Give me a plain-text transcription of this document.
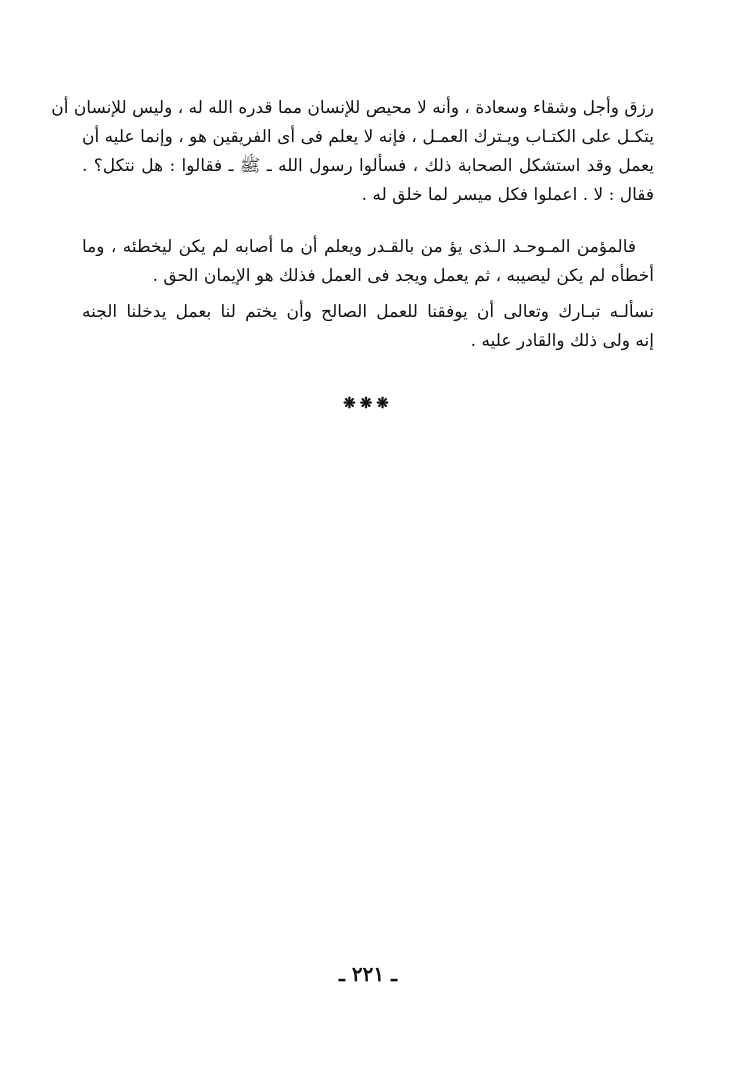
رزق وأجل وشقاء وسعادة ، وأنه لا محيص للإنسان مما قدره الله له ، وليس للإنسان أن
يتكـل على الكتـاب ويـترك العمـل ، فإنه لا يعلم فى أى الفريقين هو ، وإنما عليه أن
يعمل وقد استشكل الصحابة ذلك ، فسألوا رسول الله ـ ﷺ ـ فقالوا : هل نتكل؟ .
فقال : لا . اعملوا فكل ميسر لما خلق له .
فالمؤمن المـوحـد الـذى يؤ من بالقـدر ويعلم أن ما أصابه لم يكن ليخطئه ، وما
أخطأه لم يكن ليصيبه ، ثم يعمل ويجد فى العمل فذلك هو الإيمان الحق .
نسألـه تبـارك وتعالى أن يوفقنا للعمل الصالح وأن يختم لنا بعمل يدخلنا الجنه
إنه ولى ذلك والقادر عليه .
❋❋❋
ـ ٢٢١ ـ
